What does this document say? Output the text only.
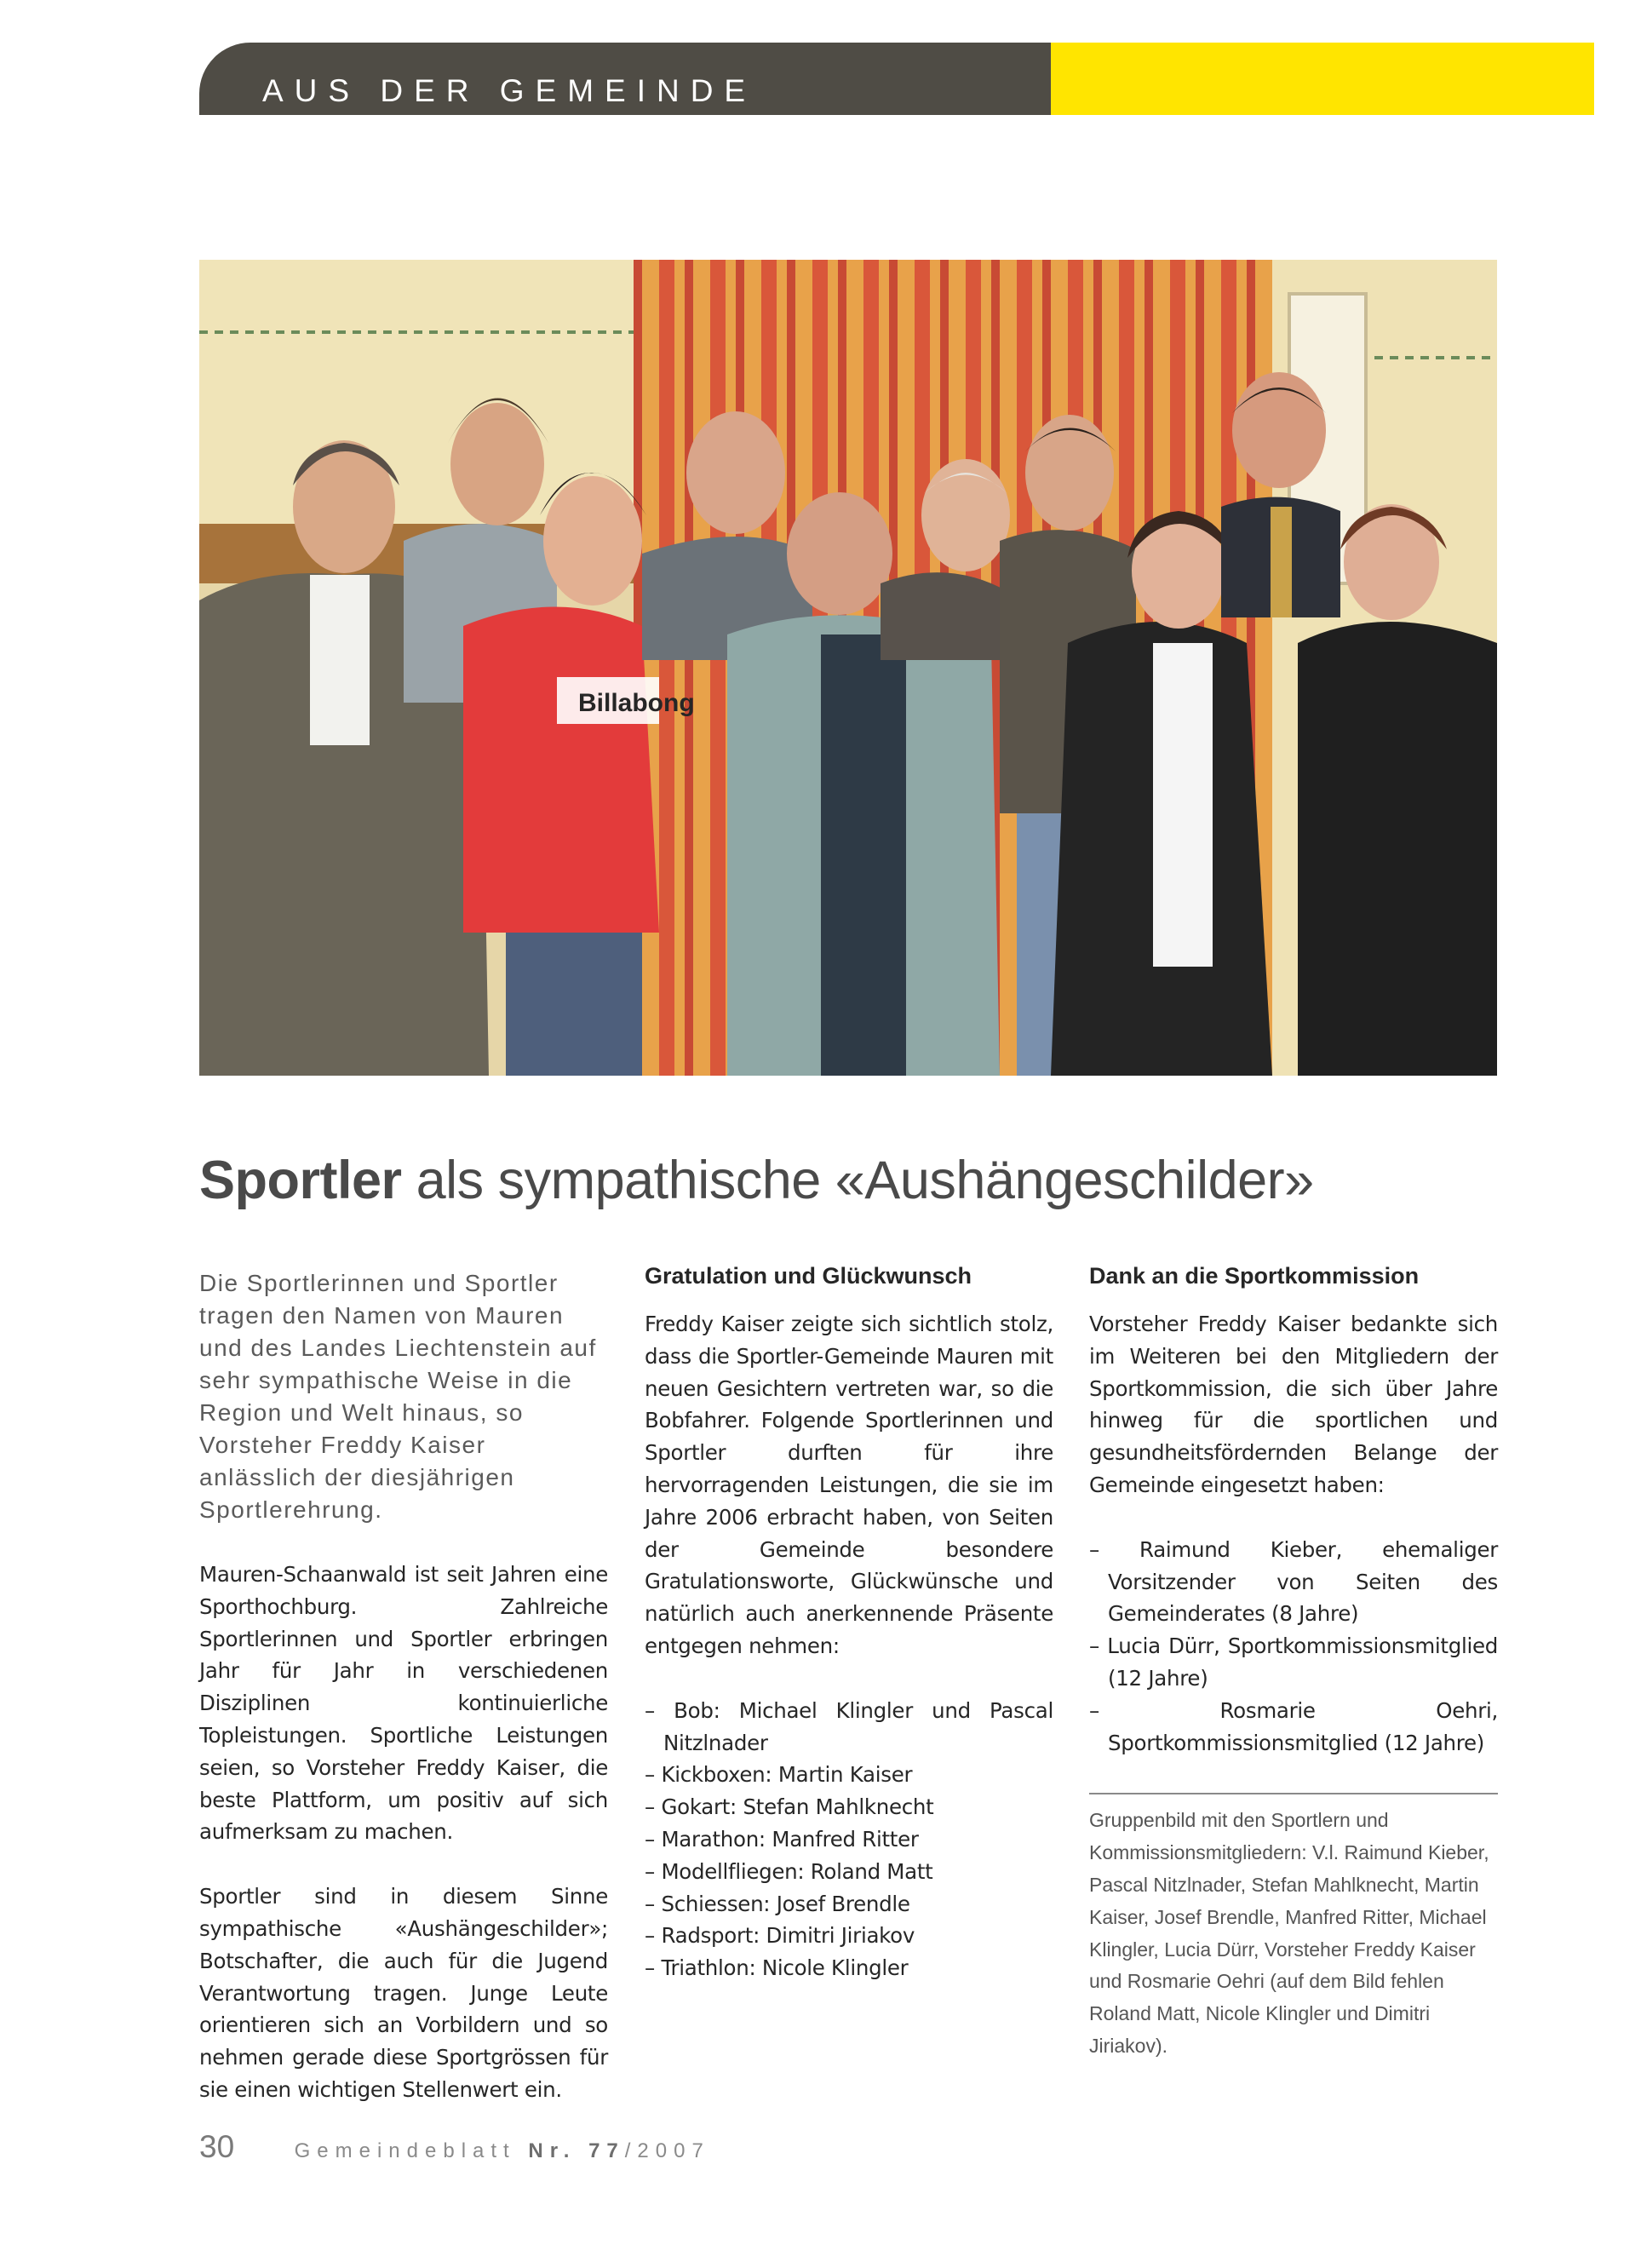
AUS DER GEMEINDE
Billabong
Sportler als sympathische «Aushängeschilder»

Die Sportlerinnen und Sportler tragen den Namen von Mauren und des Landes Liechtenstein auf sehr sympathische Weise in die Region und Welt hinaus, so Vorsteher Freddy Kaiser anlässlich der diesjährigen Sportlerehrung.

Mauren-Schaanwald ist seit Jahren eine Sporthochburg. Zahlreiche Sportlerinnen und Sportler erbringen Jahr für Jahr in verschiedenen Disziplinen kontinuierliche Topleistungen. Sportliche Leistungen seien, so Vorsteher Freddy Kaiser, die beste Plattform, um positiv auf sich aufmerksam zu machen.

Sportler sind in diesem Sinne sympathische «Aushängeschilder»; Botschafter, die auch für die Jugend Verantwortung tragen. Junge Leute orientieren sich an Vorbildern und so nehmen gerade diese Sportgrössen für sie einen wichtigen Stellenwert ein.

Gratulation und Glückwunsch

Freddy Kaiser zeigte sich sichtlich stolz, dass die Sportler-Gemeinde Mauren mit neuen Gesichtern vertreten war, so die Bobfahrer. Folgende Sportlerinnen und Sportler durften für ihre hervorragenden Leistungen, die sie im Jahre 2006 erbracht haben, von Seiten der Gemeinde besondere Gratulationsworte, Glückwünsche und natürlich auch anerkennende Präsente entgegen nehmen:

– Bob: Michael Klingler und Pascal Nitzlnader
– Kickboxen: Martin Kaiser
– Gokart: Stefan Mahlknecht
– Marathon: Manfred Ritter
– Modellfliegen: Roland Matt
– Schiessen: Josef Brendle
– Radsport: Dimitri Jiriakov
– Triathlon: Nicole Klingler

Dank an die Sportkommission

Vorsteher Freddy Kaiser bedankte sich im Weiteren bei den Mitgliedern der Sportkommission, die sich über Jahre hinweg für die sportlichen und gesundheitsfördernden Belange der Gemeinde eingesetzt haben:

– Raimund Kieber, ehemaliger Vorsitzender von Seiten des Gemeinderates (8 Jahre)
– Lucia Dürr, Sportkommissionsmitglied (12 Jahre)
– Rosmarie Oehri, Sportkommissionsmitglied (12 Jahre)

Gruppenbild mit den Sportlern und Kommissionsmitgliedern: V.l. Raimund Kieber, Pascal Nitzlnader, Stefan Mahlknecht, Martin Kaiser, Josef Brendle, Manfred Ritter, Michael Klingler, Lucia Dürr, Vorsteher Freddy Kaiser und Rosmarie Oehri (auf dem Bild fehlen Roland Matt, Nicole Klingler und Dimitri Jiriakov).

30	Gemeindeblatt Nr. 77/2007
